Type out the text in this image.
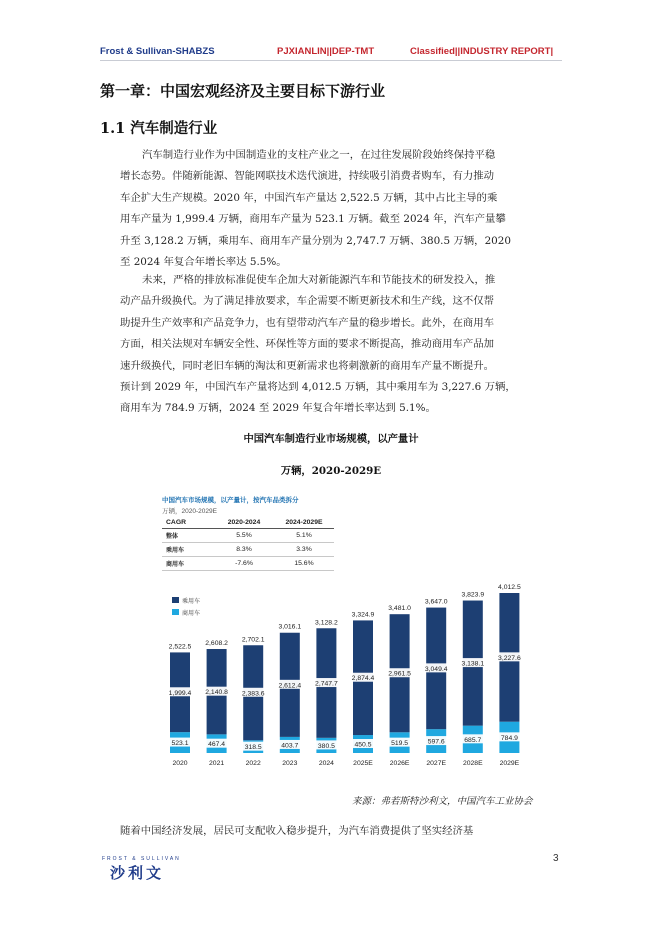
Frost & Sullivan-SHABZS	PJXIANLIN||DEP-TMT	Classified||INDUSTRY REPORT|
第一章：中国宏观经济及主要目标下游行业
1.1 汽车制造行业
汽车制造行业作为中国制造业的支柱产业之一，在过往发展阶段始终保持平稳
增长态势。伴随新能源、智能网联技术迭代演进，持续吸引消费者购车，有力推动
车企扩大生产规模。2020 年，中国汽车产量达 2,522.5 万辆，其中占比主导的乘
用车产量为 1,999.4 万辆，商用车产量为 523.1 万辆。截至 2024 年，汽车产量攀
升至 3,128.2 万辆，乘用车、商用车产量分别为 2,747.7 万辆、380.5 万辆，2020
至 2024 年复合年增长率达 5.5%。
未来，严格的排放标准促使车企加大对新能源汽车和节能技术的研发投入，推
动产品升级换代。为了满足排放要求，车企需要不断更新技术和生产线，这不仅帮
助提升生产效率和产品竞争力，也有望带动汽车产量的稳步增长。此外，在商用车
方面，相关法规对车辆安全性、环保性等方面的要求不断提高，推动商用车产品加
速升级换代，同时老旧车辆的淘汰和更新需求也将刺激新的商用车产量不断提升。
预计到 2029 年，中国汽车产量将达到 4,012.5 万辆，其中乘用车为 3,227.6 万辆，
商用车为 784.9 万辆，2024 至 2029 年复合年增长率达到 5.1%。
中国汽车制造行业市场规模，以产量计
万辆，2020-2029E
中国汽车市场规模，以产量计，按汽车品类拆分
万辆，2020-2029E
CAGR	2020-2024	2024-2029E
整体	5.5%	5.1%
乘用车	8.3%	3.3%
商用车	-7.6%	15.6%
乘用车
商用车
1,999.4
523.1
2,522.5
2020
2,140.8
467.4
2,608.2
2021
2,383.6
318.5
2,702.1
2022
2,612.4
403.7
3,016.1
2023
2,747.7
380.5
3,128.2
2024
2,874.4
450.5
3,324.9
2025E
2,961.5
519.5
3,481.0
2026E
3,049.4
597.6
3,647.0
2027E
3,138.1
685.7
3,823.9
2028E
3,227.6
784.9
4,012.5
2029E
来源：弗若斯特沙利文，中国汽车工业协会
随着中国经济发展，居民可支配收入稳步提升，为汽车消费提供了坚实经济基
FROST & SULLIVAN
沙利文
3
